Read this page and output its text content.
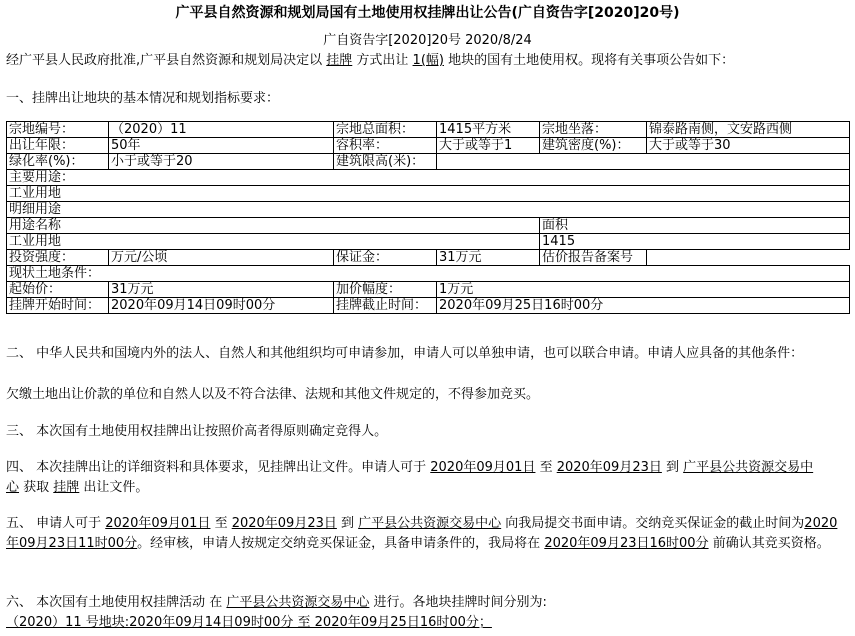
广平县自然资源和规划局国有土地使用权挂牌出让公告(广自资告字[2020]20号)
广自资告字[2020]20号 2020/8/24
经广平县人民政府批准,广平县自然资源和规划局决定以 挂牌 方式出让 1(幅) 地块的国有土地使用权。现将有关事项公告如下：
一、挂牌出让地块的基本情况和规划指标要求：
宗地编号：	（2020）11	宗地总面积：	1415平方米	宗地坐落：	锦泰路南侧，文安路西侧
出让年限：	50年	容积率：	大于或等于1	建筑密度(%)：	大于或等于30
绿化率(%)：	小于或等于20	建筑限高(米)：			
主要用途：					
工业用地					
明细用途					
用途名称				面积	
工业用地				1415	
投资强度：	万元/公顷	保证金：	31万元	估价报告备案号	
现状土地条件：					
起始价：	31万元	加价幅度：	1万元		
挂牌开始时间：	2020年09月14日09时00分	挂牌截止时间：	2020年09月25日16时00分		
二、 中华人民共和国境内外的法人、自然人和其他组织均可申请参加，申请人可以单独申请，也可以联合申请。申请人应具备的其他条件：
欠缴土地出让价款的单位和自然人以及不符合法律、法规和其他文件规定的，不得参加竞买。
三、 本次国有土地使用权挂牌出让按照价高者得原则确定竞得人。
四、 本次挂牌出让的详细资料和具体要求，见挂牌出让文件。申请人可于 2020年09月01日 至 2020年09月23日 到 广平县公共资源交易中
心 获取 挂牌 出让文件。
五、 申请人可于 2020年09月01日 至 2020年09月23日 到 广平县公共资源交易中心 向我局提交书面申请。交纳竞买保证金的截止时间为2020年09月23日11时00分。经审核，申请人按规定交纳竞买保证金，具备申请条件的，我局将在 2020年09月23日16时00分 前确认其竞买资格。
六、 本次国有土地使用权挂牌活动 在 广平县公共资源交易中心 进行。各地块挂牌时间分别为:
（2020）11 号地块:2020年09月14日09时00分 至 2020年09月25日16时00分；
